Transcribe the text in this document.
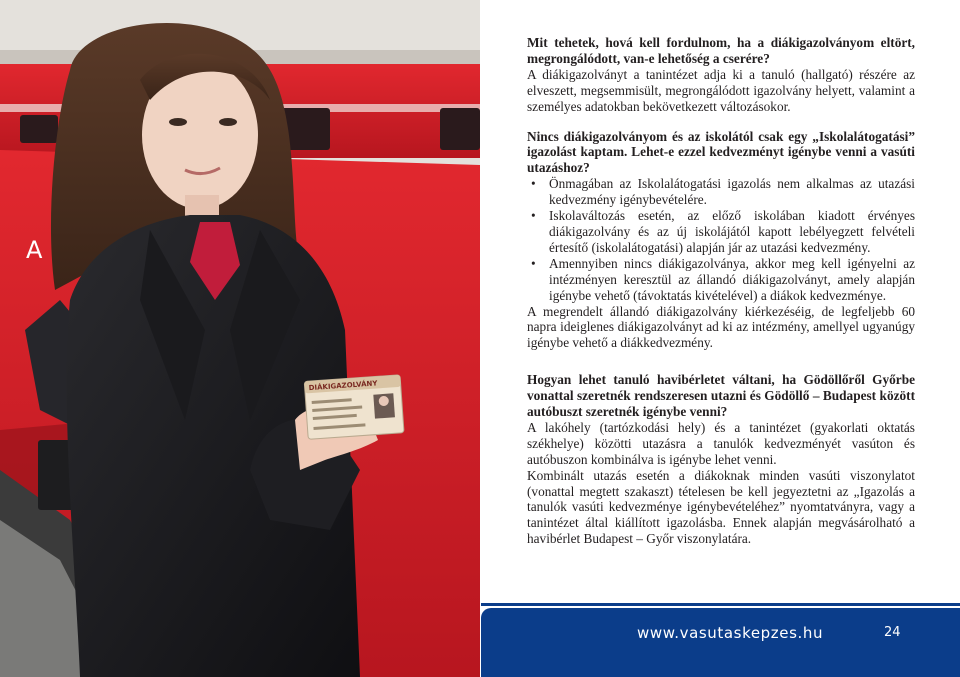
A
DIÁKIGAZOLVÁNY

Mit tehetek, hová kell fordulnom, ha a diákigazolványom eltört, megrongálódott, van-e lehetőség a cserére?

A diákigazolványt a tanintézet adja ki a tanuló (hallgató) részére az elveszett, megsemmisült, megrongálódott igazolvány helyett, valamint a személyes adatokban bekövetkezett változásokor.

Nincs diákigazolványom és az iskolától csak egy „Iskolalátogatási” igazolást kaptam. Lehet-e ezzel kedvezményt igénybe venni a vasúti utazáshoz?

• Önmagában az Iskolalátogatási igazolás nem alkalmas az utazási kedvezmény igénybevételére.
• Iskolaváltozás esetén, az előző iskolában kiadott érvényes diákigazolvány és az új iskolájától kapott lebélyegzett felvételi értesítő (iskolalátogatási) alapján jár az utazási kedvezmény.
• Amennyiben nincs diákigazolványa, akkor meg kell igényelni az intézményen keresztül az állandó diákigazolványt, amely alapján igénybe vehető (távoktatás kivételével) a diákok kedvezménye.

A megrendelt állandó diákigazolvány kiérkezéséig, de legfeljebb 60 napra ideiglenes diákigazolványt ad ki az intézmény, amellyel ugyanúgy igénybe vehető a diákkedvezmény.

Hogyan lehet tanuló havibérletet váltani, ha Gödöllőről Győrbe vonattal szeretnék rendszeresen utazni és Gödöllő – Budapest között autóbuszt szeretnék igénybe venni?

A lakóhely (tartózkodási hely) és a tanintézet (gyakorlati oktatás székhelye) közötti utazásra a tanulók kedvezményét vasúton és autóbuszon kombinálva is igénybe lehet venni.

Kombinált utazás esetén a diákoknak minden vasúti viszonylatot (vonattal megtett szakaszt) tételesen be kell jegyeztetni az „Igazolás a tanulók vasúti kedvezménye igénybevételéhez” nyomtatványra, vagy a tanintézet által kiállított igazolásba. Ennek alapján megvásárolható a havibérlet Budapest – Győr viszonylatára.

www.vasutaskepzes.hu	24
